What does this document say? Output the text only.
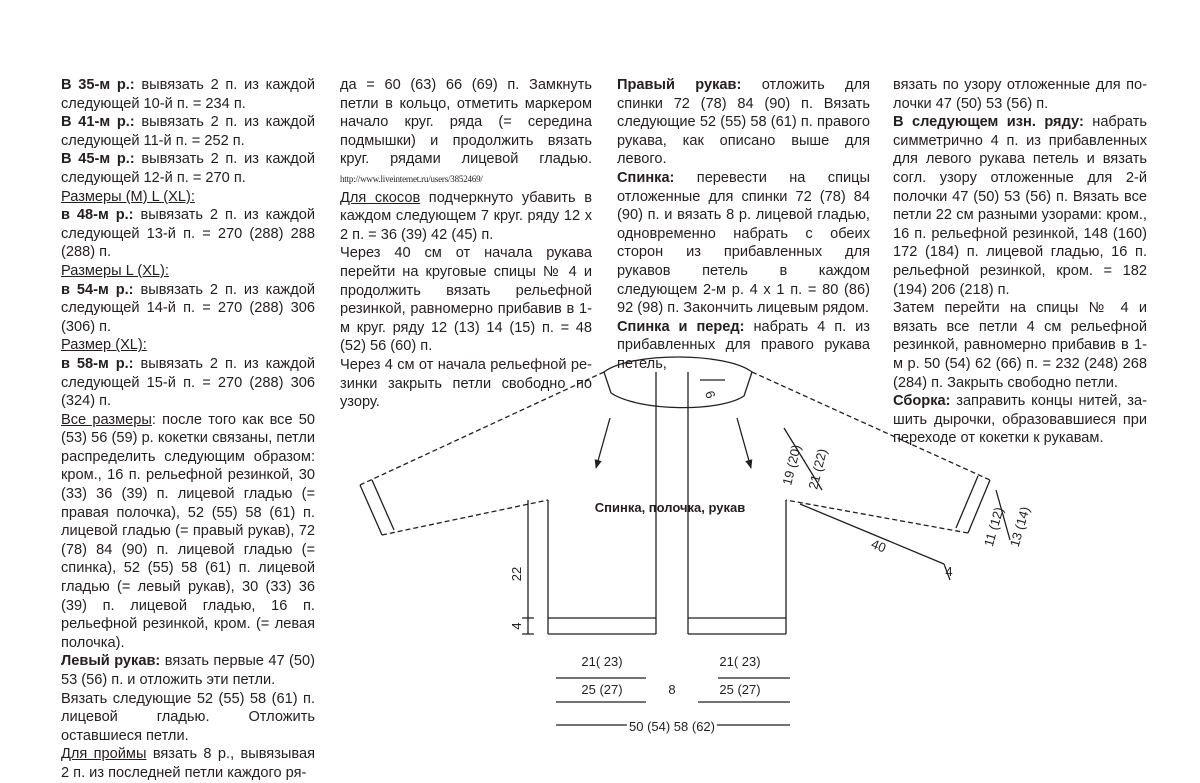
В 35-м р.: вывязать 2 п. из каждой следующей 10-й п. = 234 п.

В 41-м р.: вывязать 2 п. из каждой следующей 11-й п. = 252 п.

В 45-м р.: вывязать 2 п. из каждой следующей 12-й п. = 270 п.

Размеры (M) L (XL):

в 48-м р.: вывязать 2 п. из каждой следующей 13-й п. = 270 (288) 288 (288) п.

Размеры L (XL):

в 54-м р.: вывязать 2 п. из каждой следующей 14-й п. = 270 (288) 306 (306) п.

Размер (XL):

в 58-м р.: вывязать 2 п. из каждой следующей 15-й п. = 270 (288) 306 (324) п.

Все размеры: после того как все 50 (53) 56 (59) р. кокетки связаны, петли распределить следующим образом: кром., 16 п. рельефной резинкой, 30 (33) 36 (39) п. лицевой гладью (= правая полочка), 52 (55) 58 (61) п. лицевой гладью (= правый рукав), 72 (78) 84 (90) п. лицевой гладью (= спинка), 52 (55) 58 (61) п. лицевой гладью (= левый рукав), 30 (33) 36 (39) п. лицевой гладью, 16 п. рельефной резинкой, кром. (= левая полочка).

Левый рукав: вязать первые 47 (50) 53 (56) п. и отложить эти петли.

Вязать следующие 52 (55) 58 (61) п. лицевой гладью. Отложить оставшиеся петли.

Для проймы вязать 8 р., вывязывая 2 п. из последней петли каждого ря-

да = 60 (63) 66 (69) п. Замкнуть петли в кольцо, отметить маркером начало круг. ряда (= середина подмышки) и продолжить вязать круг. рядами лицевой гладью. http://www.liveinternet.ru/users/3852469/

Для скосов подчеркнуто убавить в каждом следующем 7 круг. ряду 12 х 2 п. = 36 (39) 42 (45) п.

Через 40 см от начала рукава перейти на круговые спицы № 4 и продолжить вязать рельефной резинкой, равномерно прибавив в 1-м круг. ряду 12 (13) 14 (15) п. = 48 (52) 56 (60) п.

Через 4 см от начала рельефной резинки закрыть петли свободно по узору.

Правый рукав: отложить для спинки 72 (78) 84 (90) п. Вязать следующие 52 (55) 58 (61) п. правого рукава, как описано выше для левого.

Спинка: перевести на спицы отложенные для спинки 72 (78) 84 (90) п. и вязать 8 р. лицевой гладью, одновременно набрать с обеих сторон из прибавленных для рукавов петель в каждом следующем 2-м р. 4 х 1 п. = 80 (86) 92 (98) п. Закончить лицевым рядом.

Спинка и перед: набрать 4 п. из прибавленных для правого рукава петель,

вязать по узору отложенные для полочки 47 (50) 53 (56) п.

В следующем изн. ряду: набрать симметрично 4 п. из прибавленных для левого рукава петель и вязать согл. узору отложенные для 2-й полочки 47 (50) 53 (56) п. Вязать все петли 22 см разными узорами: кром., 16 п. рельефной резинкой, 148 (160) 172 (184) п. лицевой гладью, 16 п. рельефной резинкой, кром. = 182 (194) 206 (218) п.

Затем перейти на спицы № 4 и вязать все петли 4 см рельефной резинкой, равномерно прибавив в 1-м р. 50 (54) 62 (66) п. = 232 (248) 268 (284) п. Закрыть свободно петли.

Сборка: заправить концы нитей, зашить дырочки, образовавшиеся при переходе от кокетки к рукавам.

Спинка, полочка, рукав
6
19 (20) 21 (22)
11 (12) 13 (14)
40
4
22
4
21( 23)	21( 23)
25 (27)	8	25 (27)
50 (54) 58 (62)
